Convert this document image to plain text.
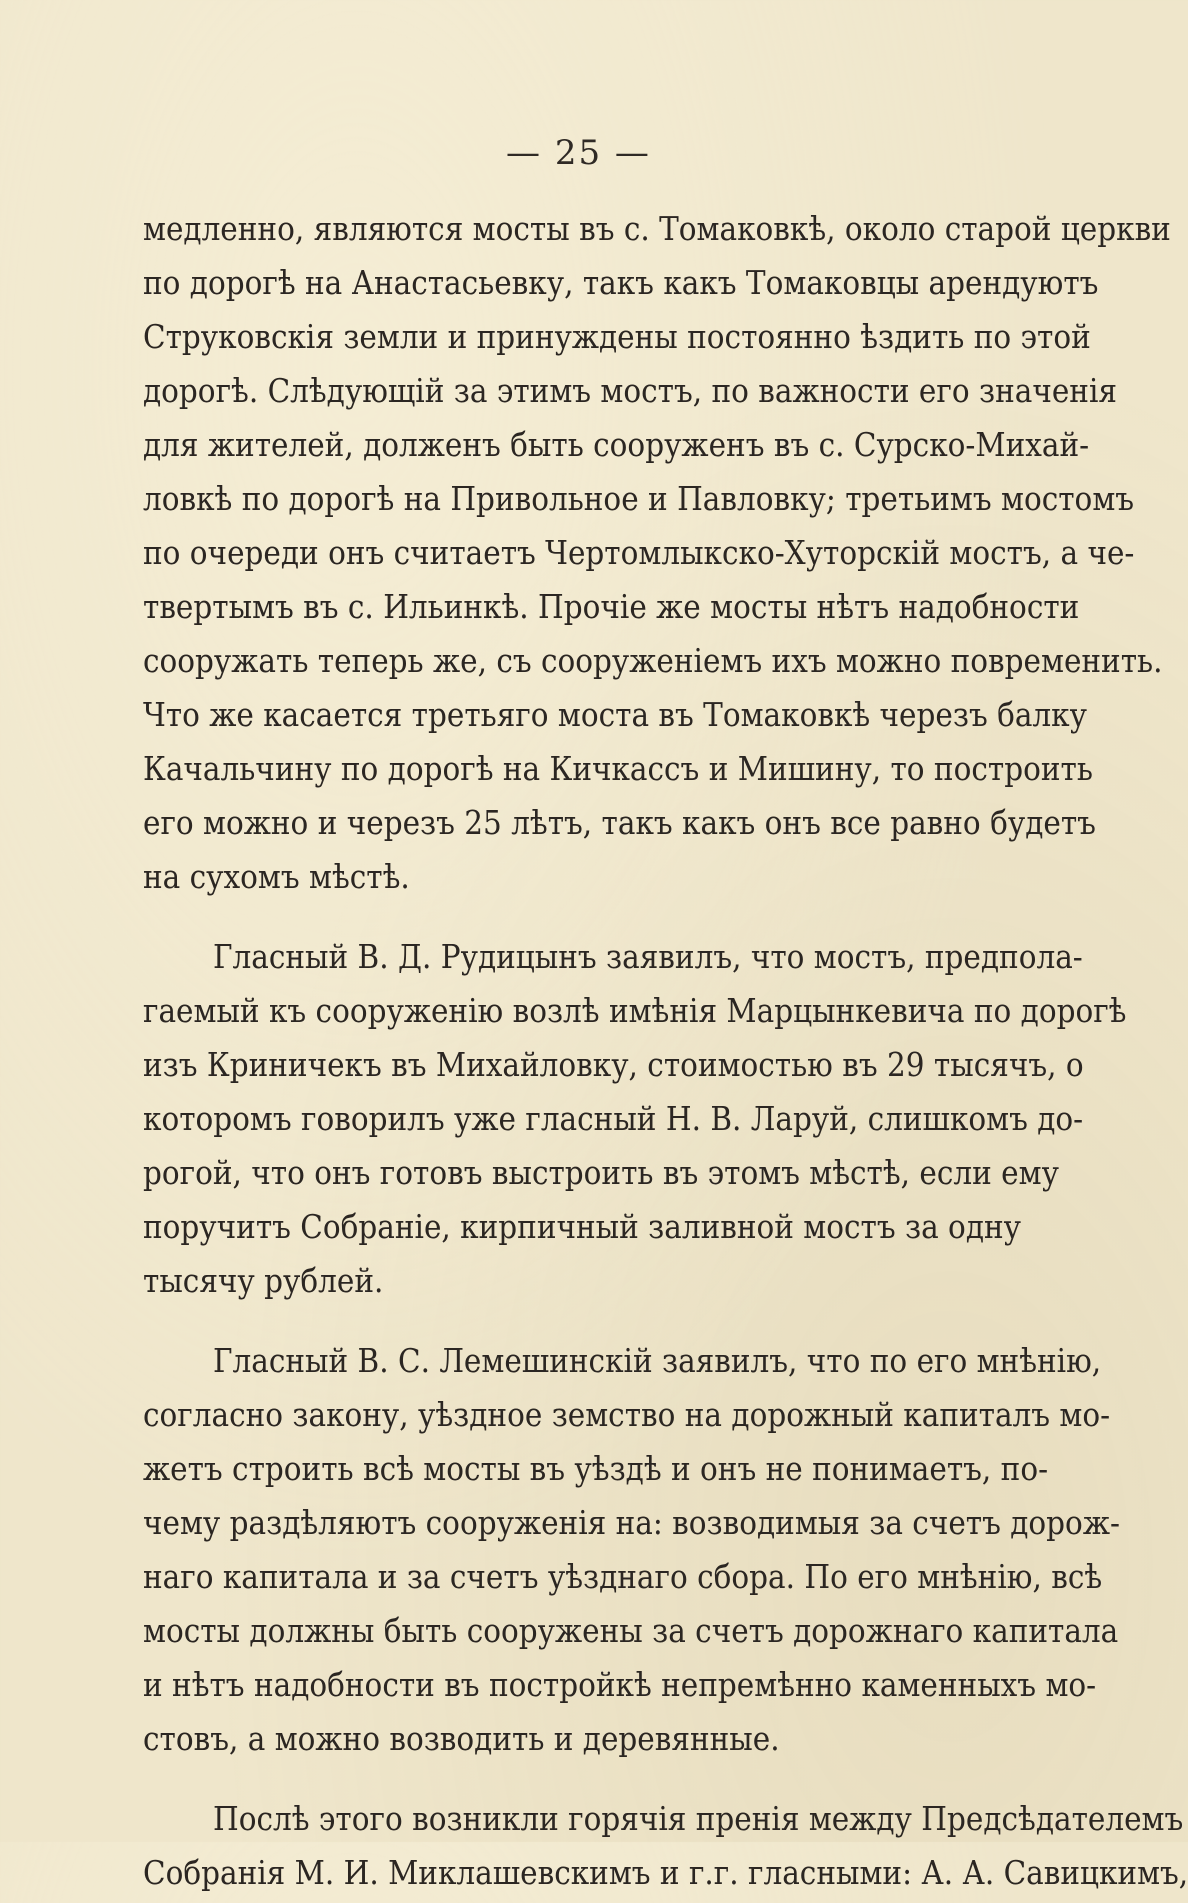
— 25 —
медленно, являются мосты въ с. Томаковкѣ, около старой церкви
по дорогѣ на Анастасьевку, такъ какъ Томаковцы арендуютъ
Струковскія земли и принуждены постоянно ѣздить по этой
дорогѣ. Слѣдующій за этимъ мостъ, по важности его значенія
для жителей, долженъ быть сооруженъ въ с. Сурско-Михай-
ловкѣ по дорогѣ на Привольное и Павловку; третьимъ мостомъ
по очереди онъ считаетъ Чертомлыкско-Хуторскій мостъ, а че-
твертымъ въ с. Ильинкѣ. Прочіе же мосты нѣтъ надобности
сооружать теперь же, съ сооруженіемъ ихъ можно повременить.
Что же касается третьяго моста въ Томаковкѣ черезъ балку
Качальчину по дорогѣ на Кичкассъ и Мишину, то построить
его можно и черезъ 25 лѣтъ, такъ какъ онъ все равно будетъ
на сухомъ мѣстѣ.
Гласный В. Д. Рудицынъ заявилъ, что мостъ, предпола-
гаемый къ сооруженію возлѣ имѣнія Марцынкевича по дорогѣ
изъ Криничекъ въ Михайловку, стоимостью въ 29 тысячъ, о
которомъ говорилъ уже гласный Н. В. Ларуй, слишкомъ до-
рогой, что онъ готовъ выстроить въ этомъ мѣстѣ, если ему
поручитъ Собраніе, кирпичный заливной мостъ за одну
тысячу рублей.
Гласный В. С. Лемешинскій заявилъ, что по его мнѣнію,
согласно закону, уѣздное земство на дорожный капиталъ мо-
жетъ строить всѣ мосты въ уѣздѣ и онъ не понимаетъ, по-
чему раздѣляютъ сооруженія на: возводимыя за счетъ дорож-
наго капитала и за счетъ уѣзднаго сбора. По его мнѣнію, всѣ
мосты должны быть сооружены за счетъ дорожнаго капитала
и нѣтъ надобности въ постройкѣ непремѣнно каменныхъ мо-
стовъ, а можно возводить и деревянные.
Послѣ этого возникли горячія пренія между Предсѣдателемъ
Собранія М. И. Миклашевскимъ и г.г. гласными: А. А. Савицкимъ,
